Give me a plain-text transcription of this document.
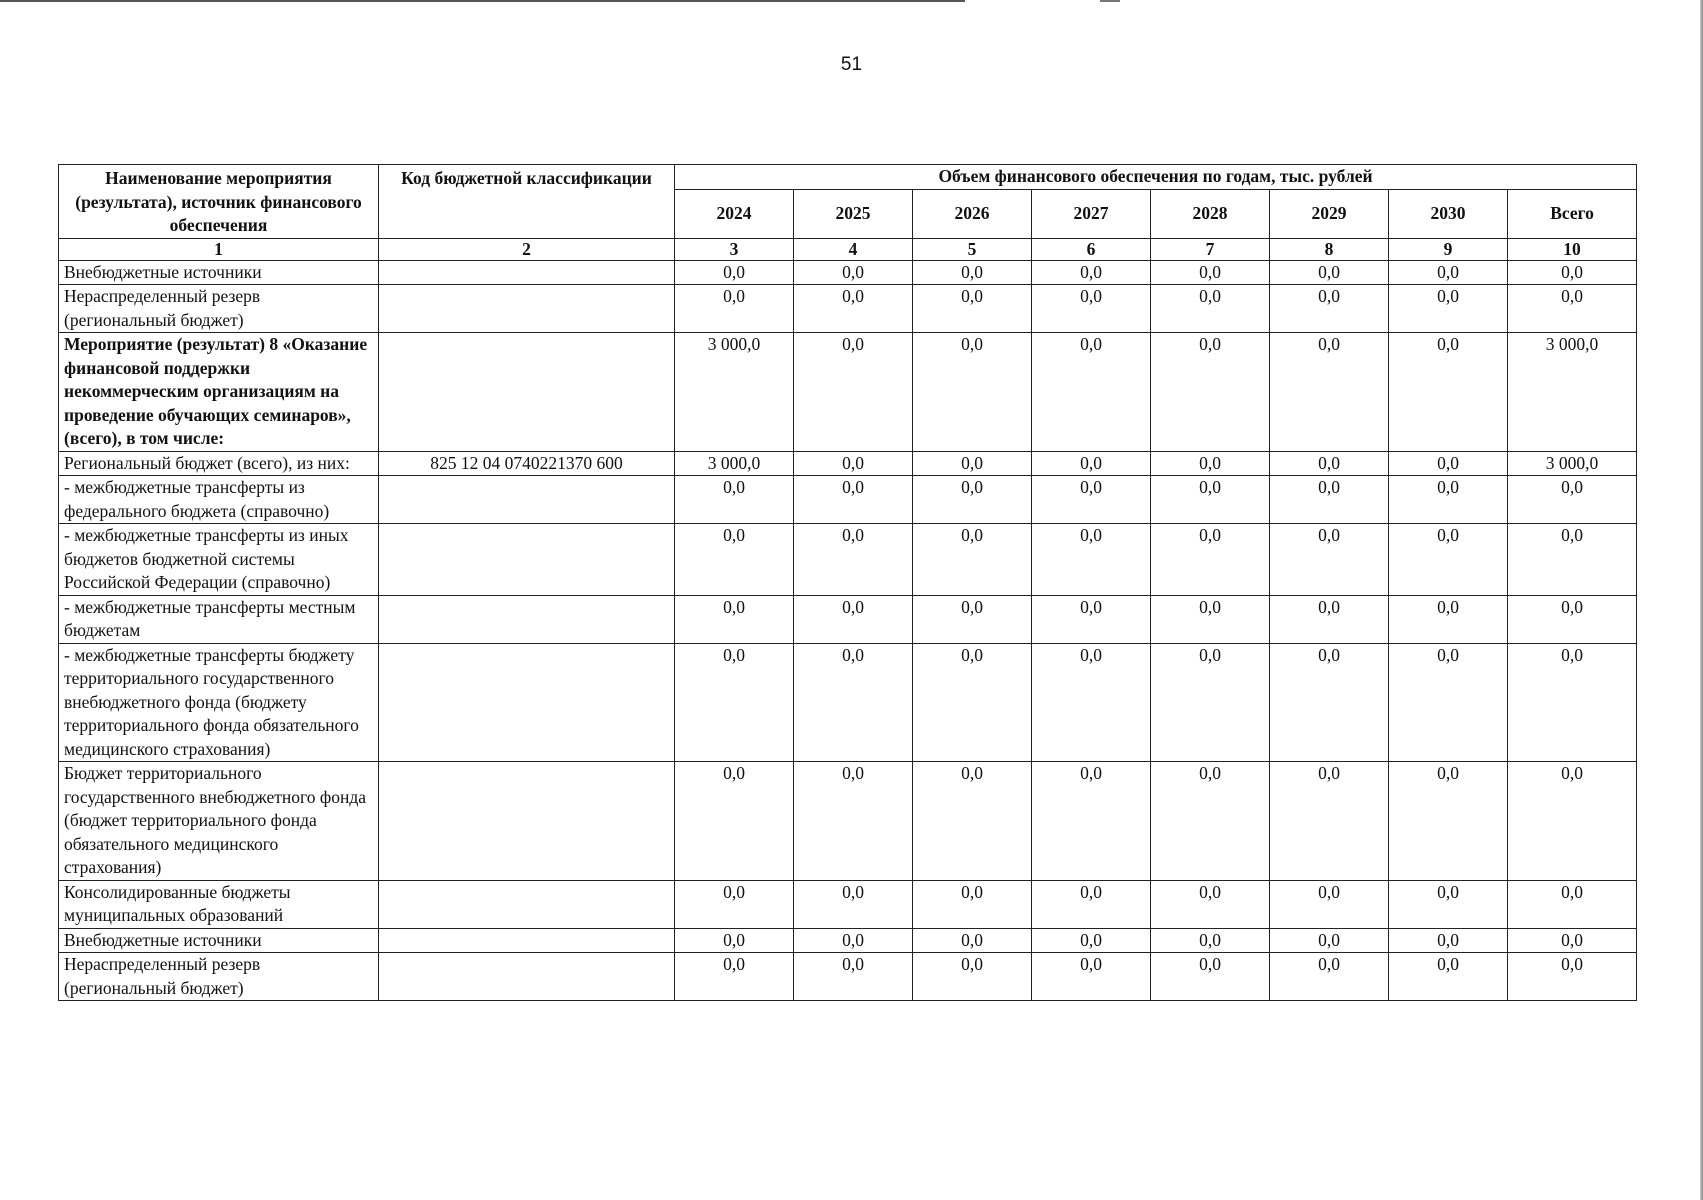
51
Наименование мероприятия (результата), источник финансового обеспечения	Код бюджетной классификации	Объем финансового обеспечения по годам, тыс. рублей							
		2024	2025	2026	2027	2028	2029	2030	Всего
1	2	3	4	5	6	7	8	9	10
Внебюджетные источники		0,0	0,0	0,0	0,0	0,0	0,0	0,0	0,0
Нераспределенный резерв (региональный бюджет)		0,0	0,0	0,0	0,0	0,0	0,0	0,0	0,0
Мероприятие (результат) 8 «Оказание финансовой поддержки некоммерческим организациям на проведение обучающих семинаров», (всего), в том числе:		3 000,0	0,0	0,0	0,0	0,0	0,0	0,0	3 000,0
Региональный бюджет (всего), из них:	825 12 04 0740221370 600	3 000,0	0,0	0,0	0,0	0,0	0,0	0,0	3 000,0
- межбюджетные трансферты из федерального бюджета (справочно)		0,0	0,0	0,0	0,0	0,0	0,0	0,0	0,0
- межбюджетные трансферты из иных бюджетов бюджетной системы Российской Федерации (справочно)		0,0	0,0	0,0	0,0	0,0	0,0	0,0	0,0
- межбюджетные трансферты местным бюджетам		0,0	0,0	0,0	0,0	0,0	0,0	0,0	0,0
- межбюджетные трансферты бюджету территориального государственного внебюджетного фонда (бюджету территориального фонда обязательного медицинского страхования)		0,0	0,0	0,0	0,0	0,0	0,0	0,0	0,0
Бюджет территориального государственного внебюджетного фонда (бюджет территориального фонда обязательного медицинского страхования)		0,0	0,0	0,0	0,0	0,0	0,0	0,0	0,0
Консолидированные бюджеты муниципальных образований		0,0	0,0	0,0	0,0	0,0	0,0	0,0	0,0
Внебюджетные источники		0,0	0,0	0,0	0,0	0,0	0,0	0,0	0,0
Нераспределенный резерв (региональный бюджет)		0,0	0,0	0,0	0,0	0,0	0,0	0,0	0,0
